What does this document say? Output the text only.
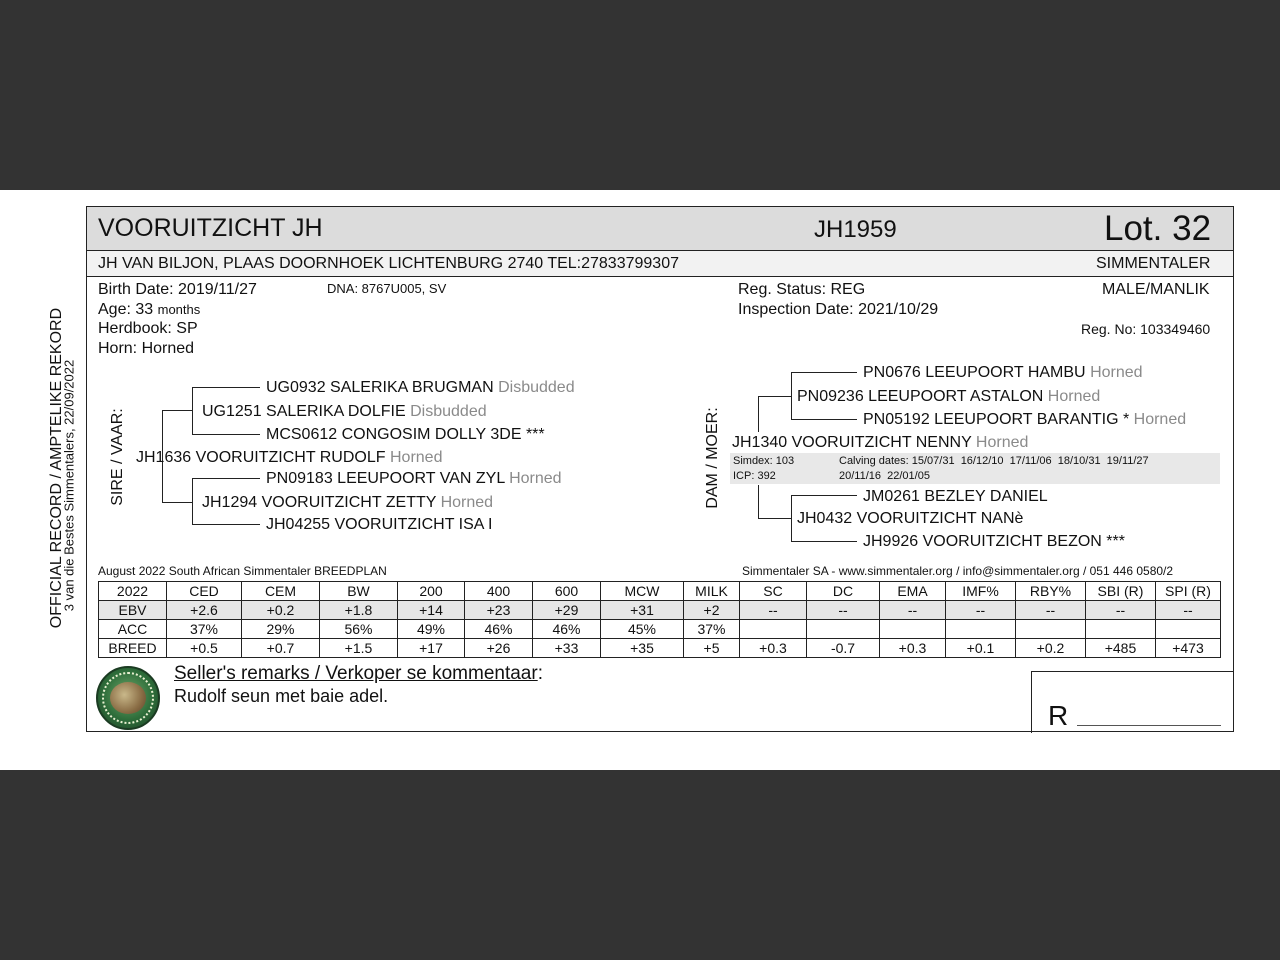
VOORUITZICHT JH	JH1959	Lot. 32
JH VAN BILJON, PLAAS DOORNHOEK LICHTENBURG 2740 TEL:27833799307	SIMMENTALER
Birth Date: 2019/11/27	DNA: 8767U005, SV
Age: 33 months
Herdbook: SP
Horn: Horned
Reg. Status: REG
Inspection Date: 2021/10/29
MALE/MANLIK
Reg. No: 103349460
OFFICIAL RECORD / AMPTELIKE REKORD
3 van die Bestes Simmentalers, 22/09/2022 SIRE / VAAR:	DAM / MOER:
UG0932 SALERIKA BRUGMAN Disbudded
UG1251 SALERIKA DOLFIE Disbudded
MCS0612 CONGOSIM DOLLY 3DE ***
JH1636 VOORUITZICHT RUDOLF Horned
PN09183 LEEUPOORT VAN ZYL Horned
JH1294 VOORUITZICHT ZETTY Horned
JH04255 VOORUITZICHT ISA I
PN0676 LEEUPOORT HAMBU Horned
PN09236 LEEUPOORT ASTALON Horned
PN05192 LEEUPOORT BARANTIG * Horned
JH1340 VOORUITZICHT NENNY Horned
Simdex: 103
ICP: 392
Calving dates: 15/07/31  16/12/10  17/11/06  18/10/31  19/11/27
20/11/16  22/01/05
JM0261 BEZLEY DANIEL
JH0432 VOORUITZICHT NANè
JH9926 VOORUITZICHT BEZON ***
August 2022 South African Simmentaler BREEDPLAN	Simmentaler SA - www.simmentaler.org / info@simmentaler.org / 051 446 0580/2
2022	CED	CEM	BW	200	400	600	MCW	MILK	SC	DC	EMA	IMF%	RBY%	SBI (R)	SPI (R)
EBV	+2.6	+0.2	+1.8	+14	+23	+29	+31	+2	--	--	--	--	--	--	--
ACC	37%	29%	56%	49%	46%	46%	45%	37%							
BREED	+0.5	+0.7	+1.5	+17	+26	+33	+35	+5	+0.3	-0.7	+0.3	+0.1	+0.2	+485	+473
Seller's remarks / Verkoper se kommentaar:
Rudolf seun met baie adel.
R
